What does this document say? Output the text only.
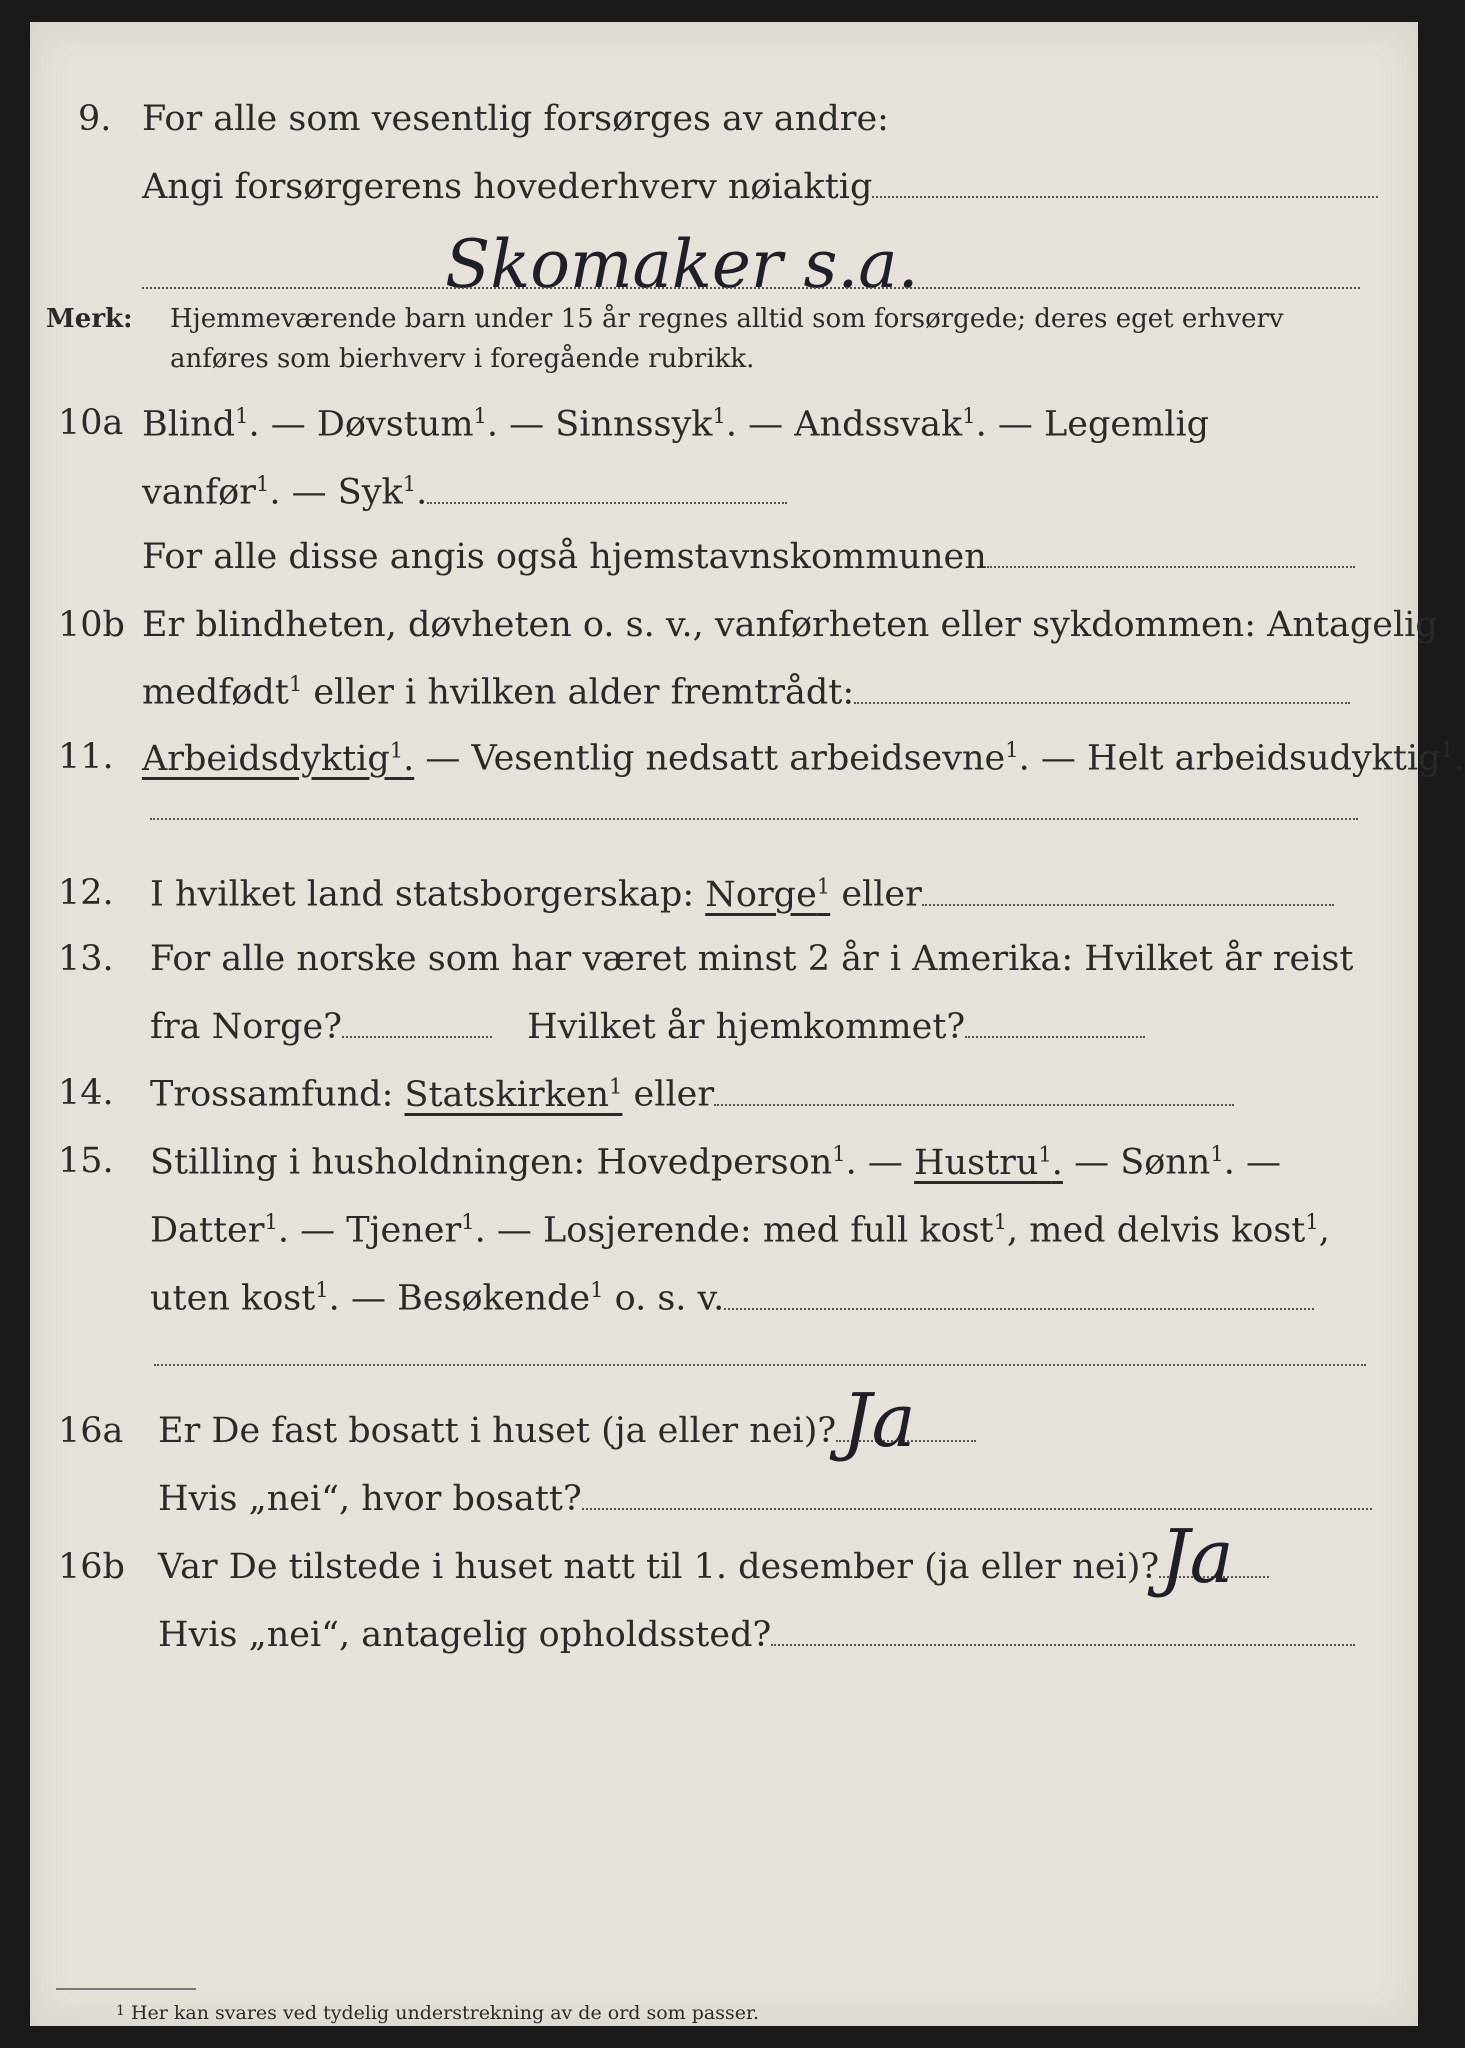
9. For alle som vesentlig forsørges av andre:
Angi forsørgerens hovederhverv nøiaktig
Skomaker s.a.
Merk: Hjemmeværende barn under 15 år regnes alltid som forsørgede; deres eget erhverv
anføres som bierhverv i foregående rubrikk.
10a Blind$^1$. — Døvstum$^1$. — Sinnssyk$^1$. — Andssvak$^1$. — Legemlig
vanfør$^1$. — Syk$^1$.
For alle disse angis også hjemstavnskommunen
10b Er blindheten, døvheten o. s. v., vanførheten eller sykdommen: Antagelig
medfødt$^1$ eller i hvilken alder fremtrådt:
11. Arbeidsdyktig$^1$. — Vesentlig nedsatt arbeidsevne$^1$. — Helt arbeidsudyktig$^1$.
12. I hvilket land statsborgerskap: Norge$^1$ eller
13. For alle norske som har været minst 2 år i Amerika: Hvilket år reist
fra Norge?	Hvilket år hjemkommet?
14. Trossamfund: Statskirken$^1$ eller
15. Stilling i husholdningen: Hovedperson$^1$. — Hustru$^1$. — Sønn$^1$. —
Datter$^1$. — Tjener$^1$. — Losjerende: med full kost$^1$, med delvis kost$^1$,
uten kost$^1$. — Besøkende$^1$ o. s. v.
16a Er De fast bosatt i huset (ja eller nei)? Ja
Hvis „nei“, hvor bosatt?
16b Var De tilstede i huset natt til 1. desember (ja eller nei)? Ja
Hvis „nei“, antagelig opholdssted?
$^1$ Her kan svares ved tydelig understrekning av de ord som passer.
